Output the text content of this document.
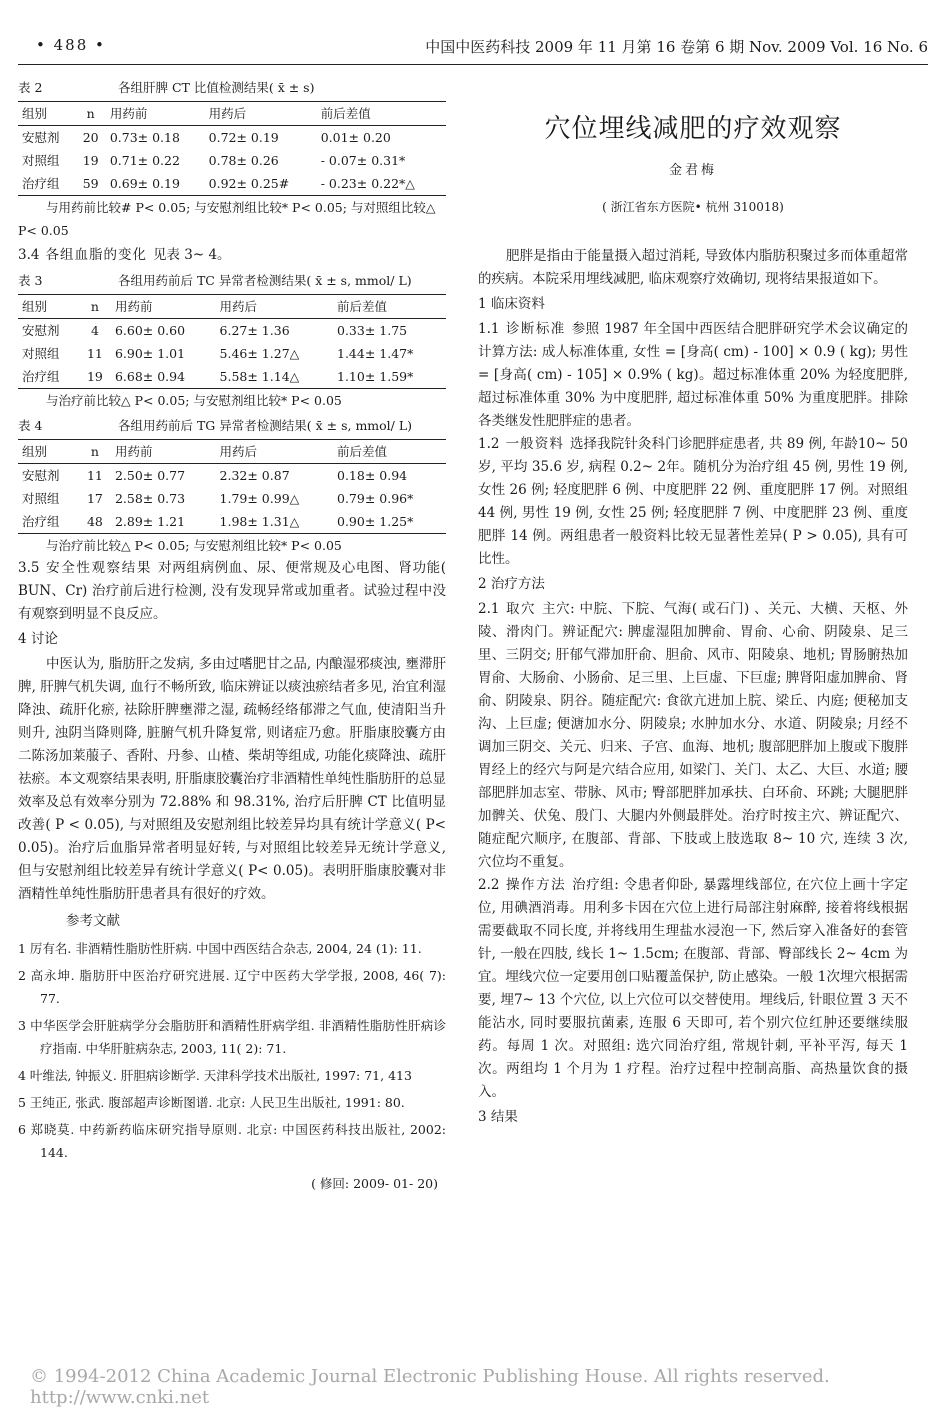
• 488 •	中国中医药科技 2009 年 11 月第 16 卷第 6 期 Nov. 2009 Vol. 16 No. 6
表 2	各组肝脾 CT 比值检测结果( x̄ ± s)
组别	n	用药前	用药后	前后差值
安慰剂	20	0.73± 0.18	0.72± 0.19	0.01± 0.20
对照组	19	0.71± 0.22	0.78± 0.26	- 0.07± 0.31*
治疗组	59	0.69± 0.19	0.92± 0.25#	- 0.23± 0.22*△
与用药前比较# P< 0.05; 与安慰剂组比较* P< 0.05; 与对照组比较△ P< 0.05

3.4 各组血脂的变化 见表 3~ 4。

表 3	各组用药前后 TC 异常者检测结果( x̄ ± s, mmol/ L)
组别	n	用药前	用药后	前后差值
安慰剂	4	6.60± 0.60	6.27± 1.36	0.33± 1.75
对照组	11	6.90± 1.01	5.46± 1.27△	1.44± 1.47*
治疗组	19	6.68± 0.94	5.58± 1.14△	1.10± 1.59*
与治疗前比较△ P< 0.05; 与安慰剂组比较* P< 0.05
表 4	各组用药前后 TG 异常者检测结果( x̄ ± s, mmol/ L)
组别	n	用药前	用药后	前后差值
安慰剂	11	2.50± 0.77	2.32± 0.87	0.18± 0.94
对照组	17	2.58± 0.73	1.79± 0.99△	0.79± 0.96*
治疗组	48	2.89± 1.21	1.98± 1.31△	0.90± 1.25*
与治疗前比较△ P< 0.05; 与安慰剂组比较* P< 0.05

3.5 安全性观察结果 对两组病例血、尿、便常规及心电图、肾功能( BUN、Cr) 治疗前后进行检测, 没有发现异常或加重者。试验过程中没有观察到明显不良反应。

4 讨论

中医认为, 脂肪肝之发病, 多由过嗜肥甘之品, 内酿湿邪痰浊, 壅滞肝脾, 肝脾气机失调, 血行不畅所致, 临床辨证以痰浊瘀结者多见, 治宜利湿降浊、疏肝化瘀, 祛除肝脾壅滞之湿, 疏畅经络郁滞之气血, 使清阳当升则升, 浊阴当降则降, 脏腑气机升降复常, 则诸症乃愈。肝脂康胶囊方由二陈汤加莱菔子、香附、丹参、山楂、柴胡等组成, 功能化痰降浊、疏肝祛瘀。本文观察结果表明, 肝脂康胶囊治疗非酒精性单纯性脂肪肝的总显效率及总有效率分别为 72.88% 和 98.31%, 治疗后肝脾 CT 比值明显改善( P < 0.05), 与对照组及安慰剂组比较差异均具有统计学意义( P< 0.05)。治疗后血脂异常者明显好转, 与对照组比较差异无统计学意义, 但与安慰剂组比较差异有统计学意义( P< 0.05)。表明肝脂康胶囊对非酒精性单纯性脂肪肝患者具有很好的疗效。

参考文献
1 厉有名. 非酒精性脂肪性肝病. 中国中西医结合杂志, 2004, 24 (1): 11.
2 高永坤. 脂肪肝中医治疗研究进展. 辽宁中医药大学学报, 2008, 46( 7): 77.
3 中华医学会肝脏病学分会脂肪肝和酒精性肝病学组. 非酒精性脂肪性肝病诊疗指南. 中华肝脏病杂志, 2003, 11( 2): 71.
4 叶维法, 钟振义. 肝胆病诊断学. 天津科学技术出版社, 1997: 71, 413
5 王纯正, 张武. 腹部超声诊断图谱. 北京: 人民卫生出版社, 1991: 80.
6 郑晓莫. 中药新药临床研究指导原则. 北京: 中国医药科技出版社, 2002: 144.
( 修回: 2009- 01- 20)
穴位埋线减肥的疗效观察
金君梅
( 浙江省东方医院• 杭州 310018)

肥胖是指由于能量摄入超过消耗, 导致体内脂肪积聚过多而体重超常的疾病。本院采用埋线减肥, 临床观察疗效确切, 现将结果报道如下。

1 临床资料

1.1 诊断标准 参照 1987 年全国中西医结合肥胖研究学术会议确定的计算方法: 成人标准体重, 女性 = [身高( cm) - 100] × 0.9 ( kg); 男性 = [身高( cm) - 105] × 0.9% ( kg)。超过标准体重 20% 为轻度肥胖, 超过标准体重 30% 为中度肥胖, 超过标准体重 50% 为重度肥胖。排除各类继发性肥胖症的患者。

1.2 一般资料 选择我院针灸科门诊肥胖症患者, 共 89 例, 年龄10~ 50岁, 平均 35.6 岁, 病程 0.2~ 2年。随机分为治疗组 45 例, 男性 19 例, 女性 26 例; 轻度肥胖 6 例、中度肥胖 22 例、重度肥胖 17 例。对照组 44 例, 男性 19 例, 女性 25 例; 轻度肥胖 7 例、中度肥胖 23 例、重度肥胖 14 例。两组患者一般资料比较无显著性差异( P > 0.05), 具有可比性。

2 治疗方法

2.1 取穴 主穴: 中脘、下脘、气海( 或石门) 、关元、大横、天枢、外陵、滑肉门。辨证配穴: 脾虚湿阻加脾俞、胃俞、心俞、阴陵泉、足三里、三阴交; 肝郁气滞加肝俞、胆俞、风市、阳陵泉、地机; 胃肠腑热加胃俞、大肠俞、小肠俞、足三里、上巨虚、下巨虚; 脾肾阳虚加脾俞、肾俞、阴陵泉、阴谷。随症配穴: 食欲亢进加上脘、梁丘、内庭; 便秘加支沟、上巨虚; 便溏加水分、阴陵泉; 水肿加水分、水道、阴陵泉; 月经不调加三阴交、关元、归来、子宫、血海、地机; 腹部肥胖加上腹或下腹胖胃经上的经穴与阿是穴结合应用, 如梁门、关门、太乙、大巨、水道; 腰部肥胖加志室、带脉、风市; 臀部肥胖加承扶、白环俞、环跳; 大腿肥胖加髀关、伏兔、殷门、大腿内外侧最胖处。治疗时按主穴、辨证配穴、随症配穴顺序, 在腹部、背部、下肢或上肢选取 8~ 10 穴, 连续 3 次, 穴位均不重复。

2.2 操作方法 治疗组: 令患者仰卧, 暴露埋线部位, 在穴位上画十字定位, 用碘酒消毒。用利多卡因在穴位上进行局部注射麻醉, 接着将线根据需要截取不同长度, 并将线用生理盐水浸泡一下, 然后穿入准备好的套管针, 一般在四肢, 线长 1~ 1.5cm; 在腹部、背部、臀部线长 2~ 4cm 为宜。埋线穴位一定要用创口贴覆盖保护, 防止感染。一般 1次埋穴根据需要, 埋7~ 13 个穴位, 以上穴位可以交替使用。埋线后, 针眼位置 3 天不能沾水, 同时要服抗菌素, 连服 6 天即可, 若个别穴位红肿还要继续服药。每周 1 次。对照组: 选穴同治疗组, 常规针刺, 平补平泻, 每天 1 次。两组均 1 个月为 1 疗程。治疗过程中控制高脂、高热量饮食的摄入。

3 结果
© 1994-2012 China Academic Journal Electronic Publishing House. All rights reserved. http://www.cnki.net
